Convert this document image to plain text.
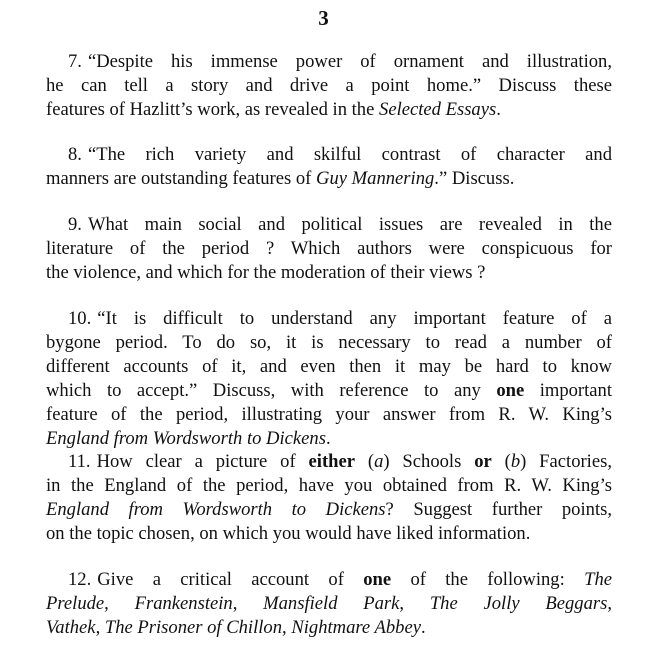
3
7. “Despite his immense power of ornament and illustration,
he can tell a story and drive a point home.” Discuss these
features of Hazlitt’s work, as revealed in the Selected Essays.
8. “The rich variety and skilful contrast of character and
manners are outstanding features of Guy Mannering.” Discuss.
9. What main social and political issues are revealed in the
literature of the period ? Which authors were conspicuous for
the violence, and which for the moderation of their views ?
10. “It is difficult to understand any important feature of a
bygone period. To do so, it is necessary to read a number of
different accounts of it, and even then it may be hard to know
which to accept.” Discuss, with reference to any one important
feature of the period, illustrating your answer from R. W. King’s
England from Wordsworth to Dickens.
11. How clear a picture of either (a) Schools or (b) Factories,
in the England of the period, have you obtained from R. W. King’s
England from Wordsworth to Dickens? Suggest further points,
on the topic chosen, on which you would have liked information.
12. Give a critical account of one of the following: The
Prelude, Frankenstein, Mansfield Park, The Jolly Beggars,
Vathek, The Prisoner of Chillon, Nightmare Abbey.
